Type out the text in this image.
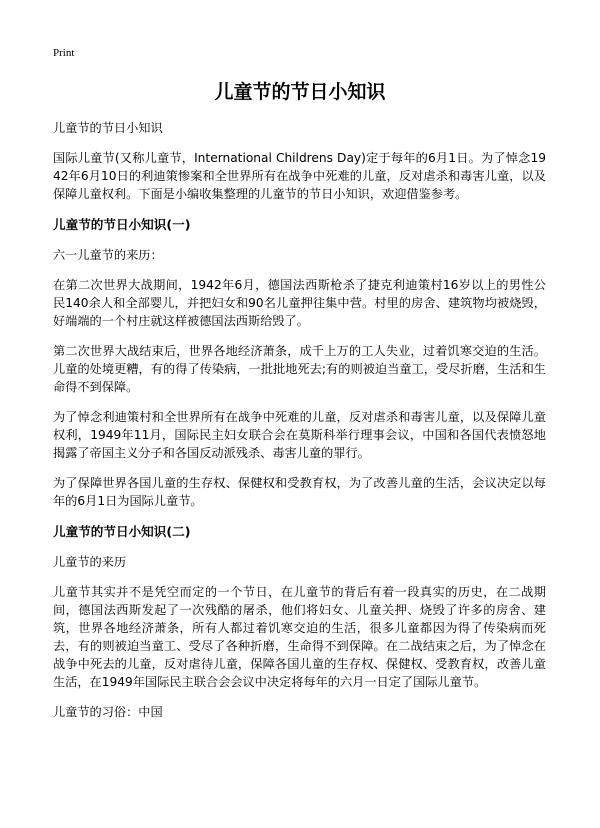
Print
儿童节的节日小知识

儿童节的节日小知识

国际儿童节(又称儿童节，International Childrens Day)定于每年的6月1日。为了悼念1942年6月10日的利迪策惨案和全世界所有在战争中死难的儿童，反对虐杀和毒害儿童，以及保障儿童权利。下面是小编收集整理的儿童节的节日小知识，欢迎借鉴参考。

儿童节的节日小知识(一)

六一儿童节的来历：

在第二次世界大战期间，1942年6月，德国法西斯枪杀了捷克利迪策村16岁以上的男性公民140余人和全部婴儿，并把妇女和90名儿童押往集中营。村里的房舍、建筑物均被烧毁，好端端的一个村庄就这样被德国法西斯给毁了。

第二次世界大战结束后，世界各地经济萧条，成千上万的工人失业，过着饥寒交迫的生活。儿童的处境更糟，有的得了传染病，一批批地死去;有的则被迫当童工，受尽折磨，生活和生命得不到保障。

为了悼念利迪策村和全世界所有在战争中死难的儿童，反对虐杀和毒害儿童，以及保障儿童权利，1949年11月，国际民主妇女联合会在莫斯科举行理事会议，中国和各国代表愤怒地揭露了帝国主义分子和各国反动派残杀、毒害儿童的罪行。

为了保障世界各国儿童的生存权、保健权和受教育权，为了改善儿童的生活，会议决定以每年的6月1日为国际儿童节。

儿童节的节日小知识(二)

儿童节的来历

儿童节其实并不是凭空而定的一个节日，在儿童节的背后有着一段真实的历史，在二战期间，德国法西斯发起了一次残酷的屠杀，他们将妇女、儿童关押、烧毁了许多的房舍、建筑，世界各地经济萧条，所有人都过着饥寒交迫的生活，很多儿童都因为得了传染病而死去，有的则被迫当童工、受尽了各种折磨，生命得不到保障。在二战结束之后，为了悼念在战争中死去的儿童，反对虐待儿童，保障各国儿童的生存权、保健权、受教育权，改善儿童生活，在1949年国际民主联合会会议中决定将每年的六月一日定了国际儿童节。

儿童节的习俗：中国
